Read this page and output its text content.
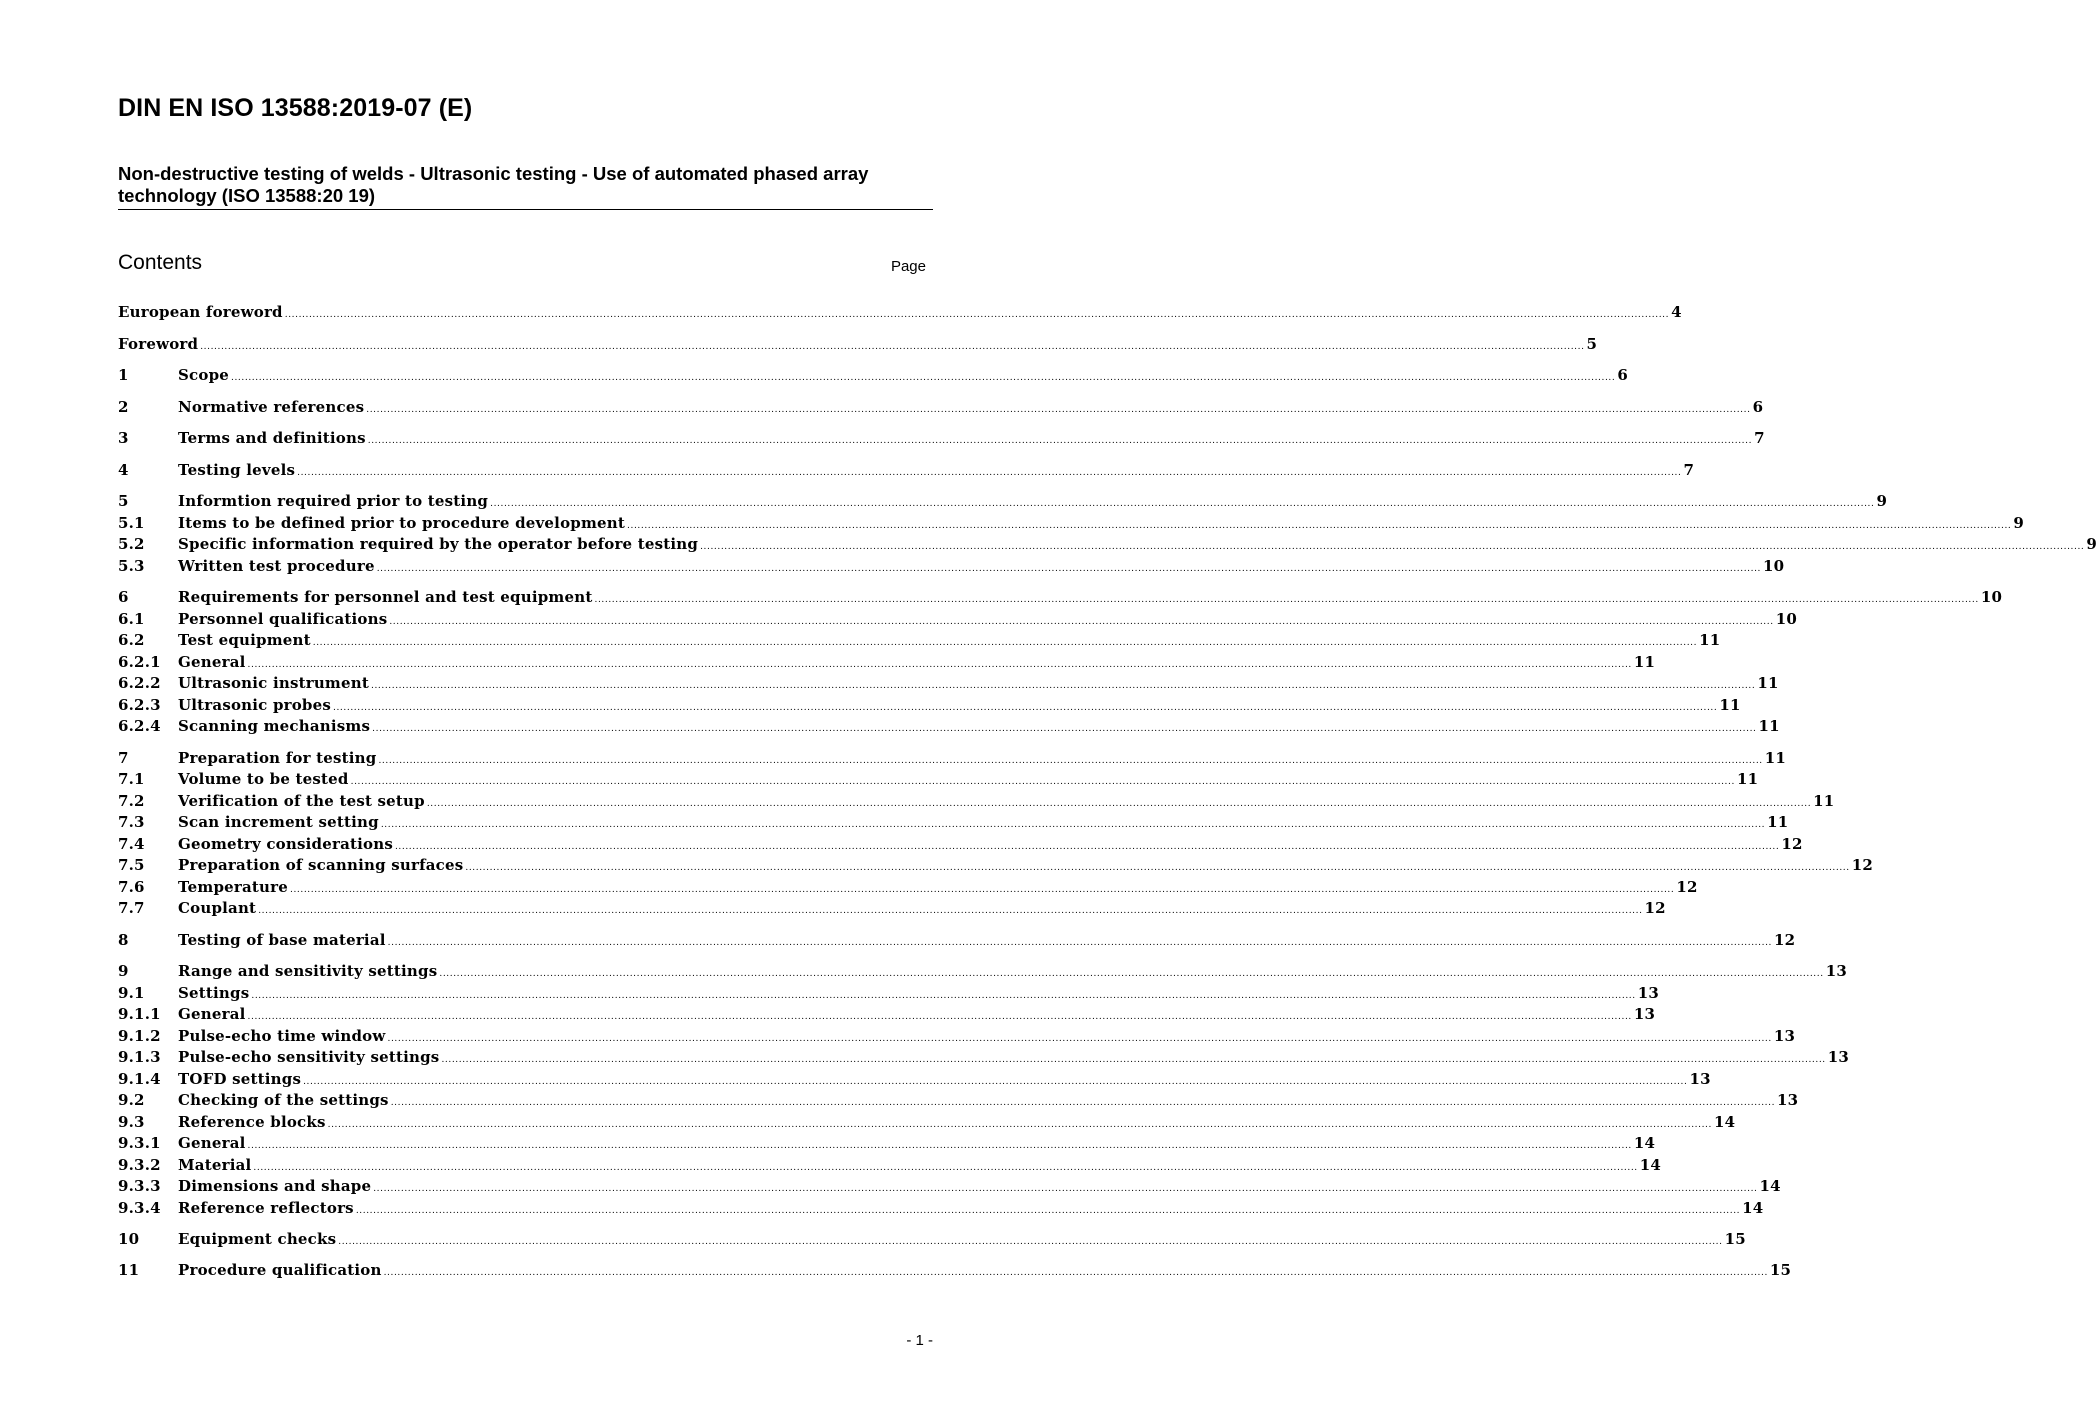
DIN EN ISO 13588:2019-07 (E)
Non-destructive testing of welds - Ultrasonic testing - Use of automated phased array technology (ISO 13588:20 19)
Contents	Page
European foreword ................................................................................................................................................................................................................................................................................................................................................................................................................ 4
Foreword ................................................................................................................................................................................................................................................................................................................................................................................................................ 5
1	Scope ................................................................................................................................................................................................................................................................................................................................................................................................................ 6
2	Normative references ................................................................................................................................................................................................................................................................................................................................................................................................................ 6
3	Terms and definitions ................................................................................................................................................................................................................................................................................................................................................................................................................ 7
4	Testing levels ................................................................................................................................................................................................................................................................................................................................................................................................................ 7
5	Informtion required prior to testing ................................................................................................................................................................................................................................................................................................................................................................................................................ 9
5.1	Items to be defined prior to procedure development ................................................................................................................................................................................................................................................................................................................................................................................................................ 9
5.2	Specific information required by the operator before testing ................................................................................................................................................................................................................................................................................................................................................................................................................ 9
5.3	Written test procedure ................................................................................................................................................................................................................................................................................................................................................................................................................ 10
6	Requirements for personnel and test equipment ................................................................................................................................................................................................................................................................................................................................................................................................................ 10
6.1	Personnel qualifications ................................................................................................................................................................................................................................................................................................................................................................................................................ 10
6.2	Test equipment ................................................................................................................................................................................................................................................................................................................................................................................................................ 11
6.2.1	General ................................................................................................................................................................................................................................................................................................................................................................................................................ 11
6.2.2	Ultrasonic instrument ................................................................................................................................................................................................................................................................................................................................................................................................................ 11
6.2.3	Ultrasonic probes ................................................................................................................................................................................................................................................................................................................................................................................................................ 11
6.2.4	Scanning mechanisms ................................................................................................................................................................................................................................................................................................................................................................................................................ 11
7	Preparation for testing ................................................................................................................................................................................................................................................................................................................................................................................................................ 11
7.1	Volume to be tested ................................................................................................................................................................................................................................................................................................................................................................................................................ 11
7.2	Verification of the test setup ................................................................................................................................................................................................................................................................................................................................................................................................................ 11
7.3	Scan increment setting ................................................................................................................................................................................................................................................................................................................................................................................................................ 11
7.4	Geometry considerations ................................................................................................................................................................................................................................................................................................................................................................................................................ 12
7.5	Preparation of scanning surfaces ................................................................................................................................................................................................................................................................................................................................................................................................................ 12
7.6	Temperature ................................................................................................................................................................................................................................................................................................................................................................................................................ 12
7.7	Couplant ................................................................................................................................................................................................................................................................................................................................................................................................................ 12
8	Testing of base material ................................................................................................................................................................................................................................................................................................................................................................................................................ 12
9	Range and sensitivity settings ................................................................................................................................................................................................................................................................................................................................................................................................................ 13
9.1	Settings ................................................................................................................................................................................................................................................................................................................................................................................................................ 13
9.1.1	General ................................................................................................................................................................................................................................................................................................................................................................................................................ 13
9.1.2	Pulse-echo time window ................................................................................................................................................................................................................................................................................................................................................................................................................ 13
9.1.3	Pulse-echo sensitivity settings ................................................................................................................................................................................................................................................................................................................................................................................................................ 13
9.1.4	TOFD settings ................................................................................................................................................................................................................................................................................................................................................................................................................ 13
9.2	Checking of the settings ................................................................................................................................................................................................................................................................................................................................................................................................................ 13
9.3	Reference blocks ................................................................................................................................................................................................................................................................................................................................................................................................................ 14
9.3.1	General ................................................................................................................................................................................................................................................................................................................................................................................................................ 14
9.3.2	Material ................................................................................................................................................................................................................................................................................................................................................................................................................ 14
9.3.3	Dimensions and shape ................................................................................................................................................................................................................................................................................................................................................................................................................ 14
9.3.4	Reference reflectors ................................................................................................................................................................................................................................................................................................................................................................................................................ 14
10	Equipment checks ................................................................................................................................................................................................................................................................................................................................................................................................................ 15
11	Procedure qualification ................................................................................................................................................................................................................................................................................................................................................................................................................ 15
- 1 -
